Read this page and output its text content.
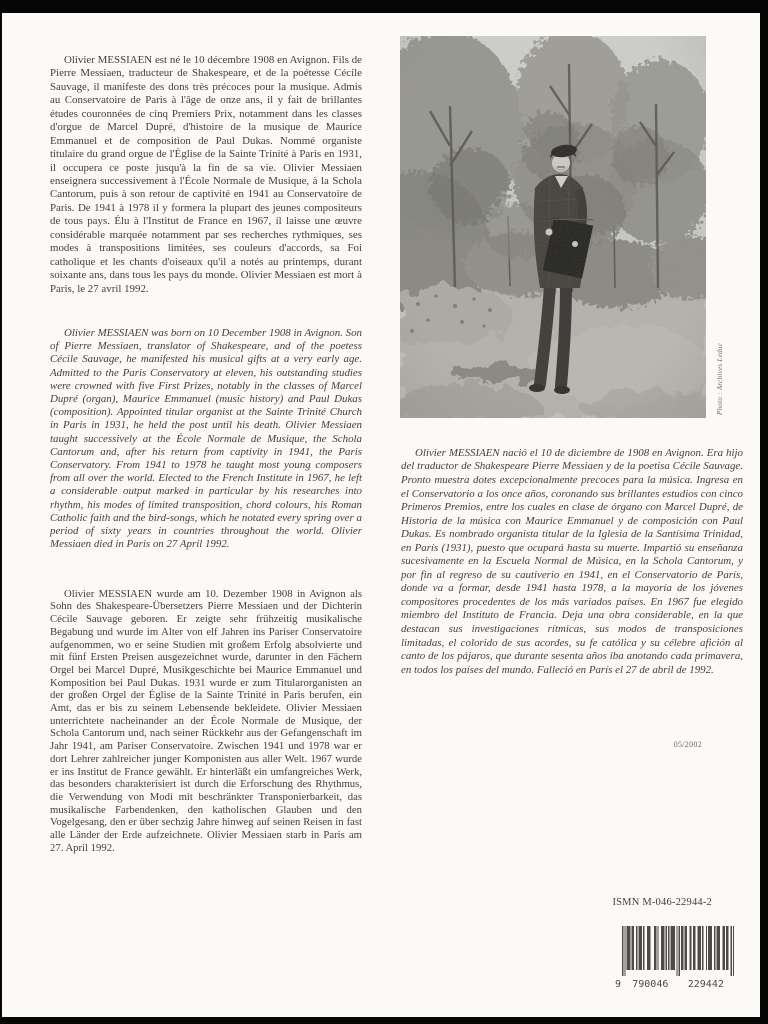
Olivier MESSIAEN est né le 10 décembre 1908 en Avignon. Fils de Pierre Messiaen, traducteur de Shakespeare, et de la poétesse Cécile Sauvage, il manifeste des dons très précoces pour la musique. Admis au Conservatoire de Paris à l'âge de onze ans, il y fait de brillantes études couronnées de cinq Premiers Prix, notamment dans les classes d'orgue de Marcel Dupré, d'histoire de la musique de Maurice Emmanuel et de composition de Paul Dukas. Nommé organiste titulaire du grand orgue de l'Église de la Sainte Trinité à Paris en 1931, il occupera ce poste jusqu'à la fin de sa vie. Olivier Messiaen enseignera successivement à l'École Normale de Musique, à la Schola Cantorum, puis à son retour de captivité en 1941 au Conservatoire de Paris. De 1941 à 1978 il y formera la plupart des jeunes compositeurs de tous pays. Élu à l'Institut de France en 1967, il laisse une œuvre considérable marquée notamment par ses recherches rythmiques, ses modes à transpositions limitées, ses couleurs d'accords, sa Foi catholique et les chants d'oiseaux qu'il a notés au printemps, durant soixante ans, dans tous les pays du monde. Olivier Messiaen est mort à Paris, le 27 avril 1992.

Olivier MESSIAEN was born on 10 December 1908 in Avignon. Son of Pierre Messiaen, translator of Shakespeare, and of the poetess Cécile Sauvage, he manifested his musical gifts at a very early age. Admitted to the Paris Conservatory at eleven, his outstanding studies were crowned with five First Prizes, notably in the classes of Marcel Dupré (organ), Maurice Emmanuel (music history) and Paul Dukas (composition). Appointed titular organist at the Sainte Trinité Church in Paris in 1931, he held the post until his death. Olivier Messiaen taught successively at the École Normale de Musique, the Schola Cantorum and, after his return from captivity in 1941, the Paris Conservatory. From 1941 to 1978 he taught most young composers from all over the world. Elected to the French Institute in 1967, he left a considerable output marked in particular by his researches into rhythm, his modes of limited transposition, chord colours, his Roman Catholic faith and the bird-songs, which he notated every spring over a period of sixty years in countries throughout the world. Olivier Messiaen died in Paris on 27 April 1992.

Olivier MESSIAEN wurde am 10. Dezember 1908 in Avignon als Sohn des Shakespeare-Übersetzers Pierre Messiaen und der Dichterin Cécile Sauvage geboren. Er zeigte sehr frühzeitig musikalische Begabung und wurde im Alter von elf Jahren ins Pariser Conservatoire aufgenommen, wo er seine Studien mit großem Erfolg absolvierte und mit fünf Ersten Preisen ausgezeichnet wurde, darunter in den Fächern Orgel bei Marcel Dupré, Musikgeschichte bei Maurice Emmanuel und Komposition bei Paul Dukas. 1931 wurde er zum Titularorganisten an der großen Orgel der Église de la Sainte Trinité in Paris berufen, ein Amt, das er bis zu seinem Lebensende bekleidete. Olivier Messiaen unterrichtete nacheinander an der École Normale de Musique, der Schola Cantorum und, nach seiner Rückkehr aus der Gefangenschaft im Jahr 1941, am Pariser Conservatoire. Zwischen 1941 und 1978 war er dort Lehrer zahlreicher junger Komponisten aus aller Welt. 1967 wurde er ins Institut de France gewählt. Er hinterläßt ein umfangreiches Werk, das besonders charakterisiert ist durch die Erforschung des Rhythmus, die Verwendung von Modi mit beschränkter Transponierbarkeit, das musikalische Farbendenken, den katholischen Glauben und den Vogelgesang, den er über sechzig Jahre hinweg auf seinen Reisen in fast alle Länder der Erde aufzeichnete. Olivier Messiaen starb in Paris am 27. April 1992.

Olivier MESSIAEN nació el 10 de diciembre de 1908 en Avignon. Era hijo del traductor de Shakespeare Pierre Messiaen y de la poetisa Cécile Sauvage. Pronto muestra dotes excepcionalmente precoces para la música. Ingresa en el Conservatorio a los once años, coronando sus brillantes estudios con cinco Primeros Premios, entre los cuales en clase de órgano con Marcel Dupré, de Historia de la música con Maurice Emmanuel y de composición con Paul Dukas. Es nombrado organista titular de la Iglesia de la Santísima Trinidad, en París (1931), puesto que ocupará hasta su muerte. Impartió su enseñanza sucesivamente en la Escuela Normal de Música, en la Schola Cantorum, y por fin al regreso de su cautiverio en 1941, en el Conservatorio de París, donde va a formar, desde 1941 hasta 1978, a la mayoría de los jóvenes compositores procedentes de los más variados países. En 1967 fue elegido miembro del Instituto de Francia. Deja una obra considerable, en la que destacan sus investigaciones rítmicas, sus modos de transposiciones limitadas, el colorido de sus acordes, su fe católica y su célebre afición al canto de los pájaros, que durante sesenta años iba anotando cada primavera, en todos los países del mundo. Falleció en París el 27 de abril de 1992.

Photo : Archives Leduc
05/2002
ISMN M-046-22944-2
9 790046 229442
